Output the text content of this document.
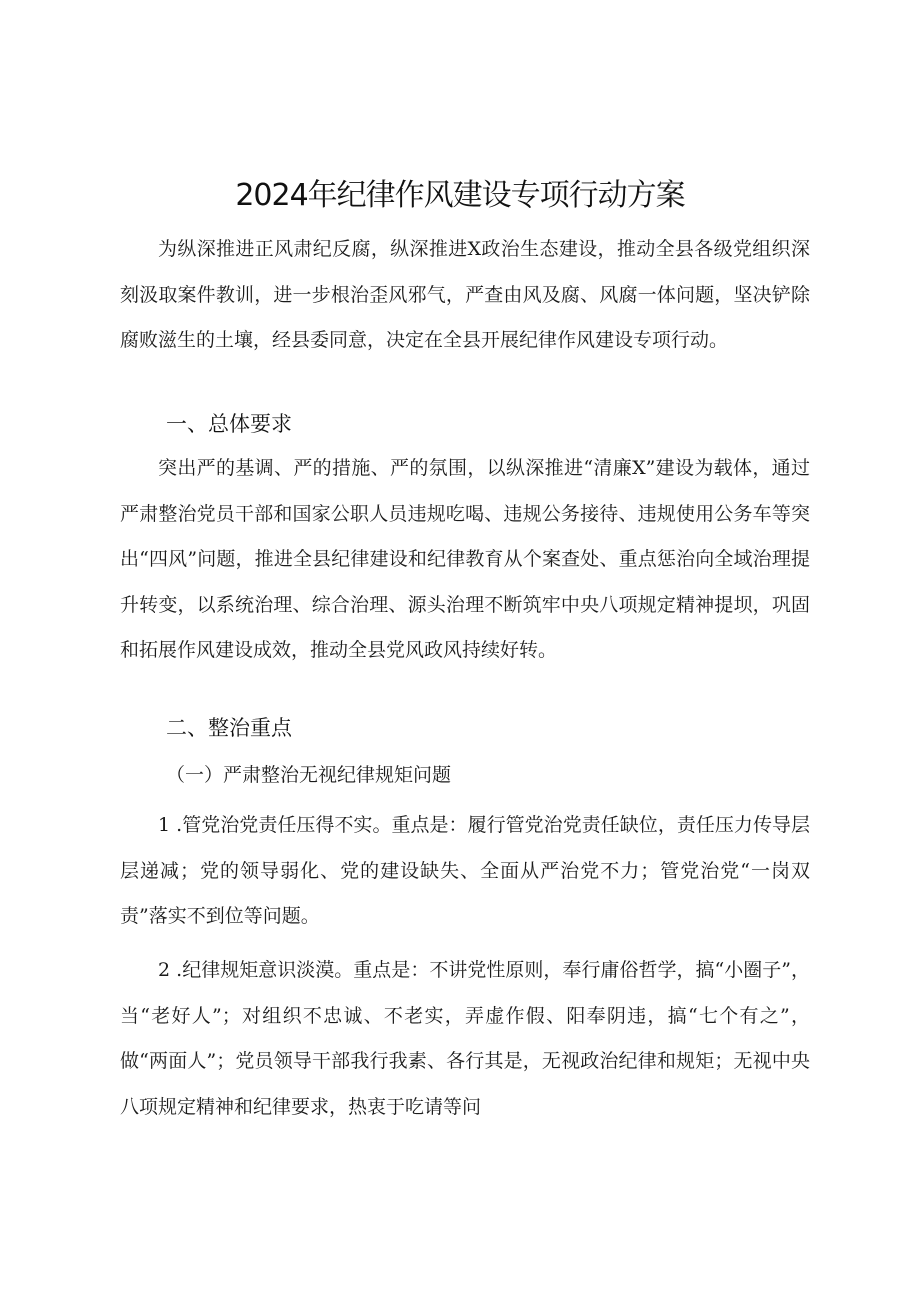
2024年纪律作风建设专项行动方案

为纵深推进正风肃纪反腐，纵深推进X政治生态建设，推动全县各级党组织深刻汲取案件教训，进一步根治歪风邪气，严查由风及腐、风腐一体问题，坚决铲除腐败滋生的土壤，经县委同意，决定在全县开展纪律作风建设专项行动。

一、总体要求

突出严的基调、严的措施、严的氛围，以纵深推进“清廉X”建设为载体，通过严肃整治党员干部和国家公职人员违规吃喝、违规公务接待、违规使用公务车等突出“四风”问题，推进全县纪律建设和纪律教育从个案查处、重点惩治向全域治理提升转变，以系统治理、综合治理、源头治理不断筑牢中央八项规定精神提坝，巩固和拓展作风建设成效，推动全县党风政风持续好转。

二、整治重点

（一）严肃整治无视纪律规矩问题

1 .管党治党责任压得不实。重点是：履行管党治党责任缺位，责任压力传导层层递减；党的领导弱化、党的建设缺失、全面从严治党不力；管党治党“一岗双责”落实不到位等问题。

2 .纪律规矩意识淡漠。重点是：不讲党性原则，奉行庸俗哲学，搞“小圈子”，当“老好人”；对组织不忠诚、不老实，弄虚作假、阳奉阴违，搞“七个有之”，做“两面人”；党员领导干部我行我素、各行其是，无视政治纪律和规矩；无视中央八项规定精神和纪律要求，热衷于吃请等问
